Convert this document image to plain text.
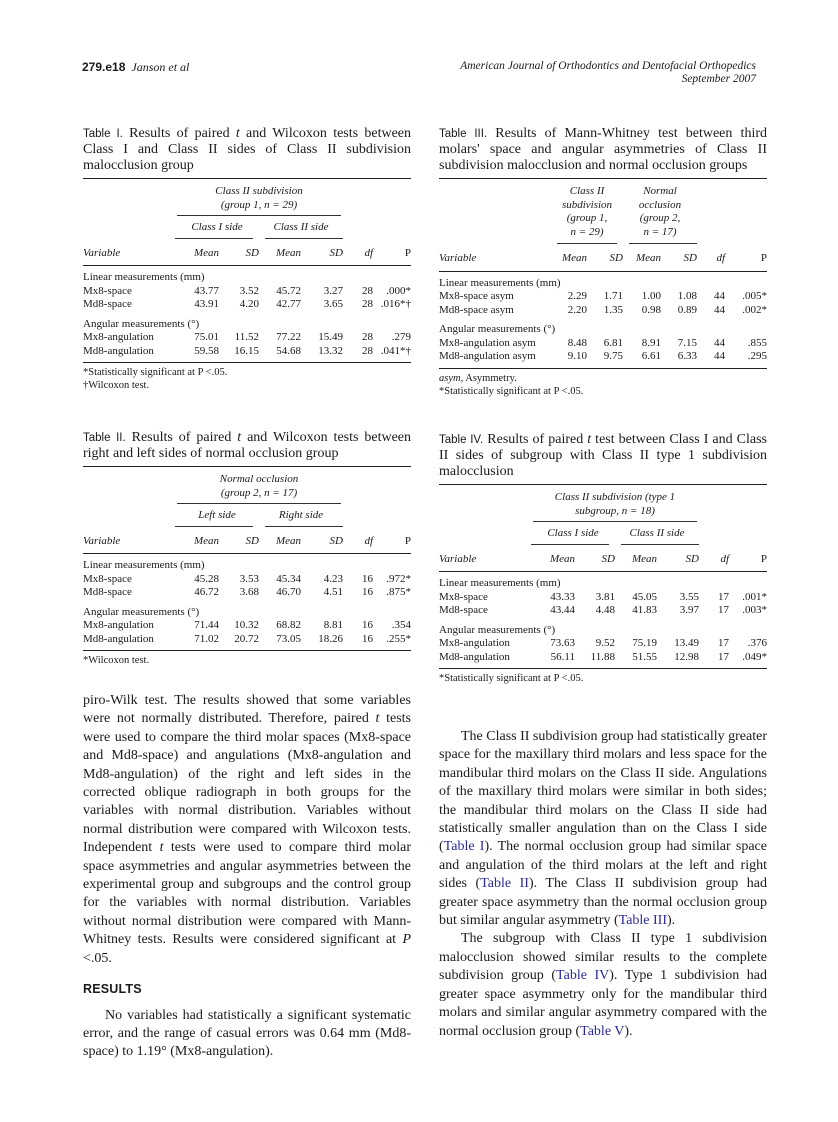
279.e18 Janson et al	American Journal of Orthodontics and Dentofacial Orthopedics
September 2007

Table I. Results of paired t and Wilcoxon tests between Class I and Class II sides of Class II subdivision malocclusion group

	Class II subdivision
(group 1, n = 29)					

	Class I side		Class II side			

Variable	Mean	SD	Mean	SD	df	P

Linear measurements (mm)						
Mx8-space	43.77	3.52	45.72	3.27	28	.000*
Md8-space	43.91	4.20	42.77	3.65	28	.016*†
Angular measurements (°)						
Mx8-angulation	75.01	11.52	77.22	15.49	28	.279
Md8-angulation	59.58	16.15	54.68	13.32	28	.041*†
*Statistically significant at P <.05.
†Wilcoxon test.

Table II. Results of paired t and Wilcoxon tests between right and left sides of normal occlusion group

	Normal occlusion
(group 2, n = 17)					

	Left side		Right side			

Variable	Mean	SD	Mean	SD	df	P

Linear measurements (mm)						
Mx8-space	45.28	3.53	45.34	4.23	16	.972*
Md8-space	46.72	3.68	46.70	4.51	16	.875*
Angular measurements (°)						
Mx8-angulation	71.44	10.32	68.82	8.81	16	.354
Md8-angulation	71.02	20.72	73.05	18.26	16	.255*
*Wilcoxon test.

Table III. Results of Mann-Whitney test between third molars' space and angular asymmetries of Class II subdivision malocclusion and normal occlusion groups

Class II
subdivision
(group 1,
n = 29)

Normal
occlusion
(group 2,
n = 17)

Variable	Mean	SD	Mean	SD	df	P

Linear measurements (mm)						
Mx8-space asym	2.29	1.71	1.00	1.08	44	.005*
Md8-space asym	2.20	1.35	0.98	0.89	44	.002*
Angular measurements (°)						
Mx8-angulation asym	8.48	6.81	8.91	7.15	44	.855
Md8-angulation asym	9.10	9.75	6.61	6.33	44	.295
asym, Asymmetry.
*Statistically significant at P <.05.

Table IV. Results of paired t test between Class I and Class II sides of subgroup with Class II type 1 subdivision malocclusion

	Class II subdivision (type 1
subgroup, n = 18)					

	Class I side		Class II side			

Variable	Mean	SD	Mean	SD	df	P

Linear measurements (mm)						
Mx8-space	43.33	3.81	45.05	3.55	17	.001*
Md8-space	43.44	4.48	41.83	3.97	17	.003*
Angular measurements (°)						
Mx8-angulation	73.63	9.52	75.19	13.49	17	.376
Md8-angulation	56.11	11.88	51.55	12.98	17	.049*
*Statistically significant at P <.05.

piro-Wilk test. The results showed that some variables were not normally distributed. Therefore, paired t tests were used to compare the third molar spaces (Mx8-space and Md8-space) and angulations (Mx8-angulation and Md8-angulation) of the right and left sides in the corrected oblique radiograph in both groups for the variables with normal distribution. Variables without normal distribution were compared with Wilcoxon tests. Independent t tests were used to compare third molar space asymmetries and angular asymmetries between the experimental group and subgroups and the control group for the variables with normal distribution. Variables without normal distribution were compared with Mann-Whitney tests. Results were considered significant at P <.05.

RESULTS

No variables had statistically a significant systematic error, and the range of casual errors was 0.64 mm (Md8-space) to 1.19° (Mx8-angulation).

The Class II subdivision group had statistically greater space for the maxillary third molars and less space for the mandibular third molars on the Class II side. Angulations of the maxillary third molars were similar in both sides; the mandibular third molars on the Class II side had statistically smaller angulation than on the Class I side (Table I). The normal occlusion group had similar space and angulation of the third molars at the left and right sides (Table II). The Class II subdivision group had greater space asymmetry than the normal occlusion group but similar angular asymmetry (Table III).

The subgroup with Class II type 1 subdivision malocclusion showed similar results to the complete subdivision group (Table IV). Type 1 subdivision had greater space asymmetry only for the mandibular third molars and similar angular asymmetry compared with the normal occlusion group (Table V).
